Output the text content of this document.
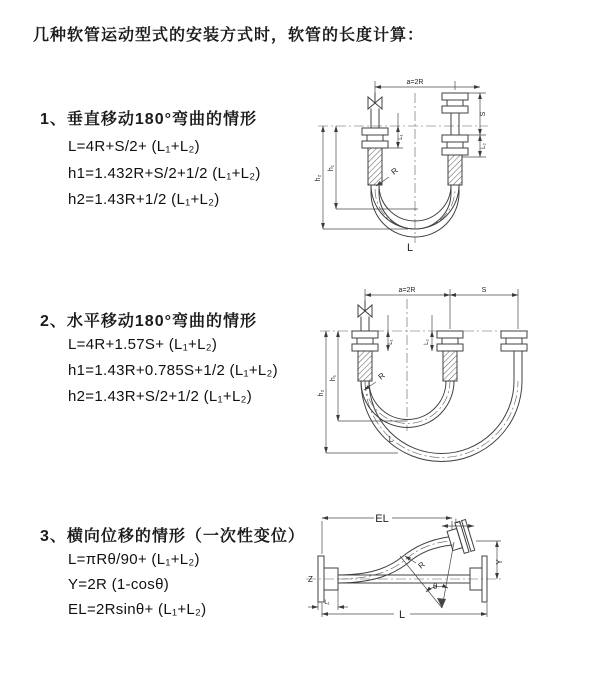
几种软管运动型式的安装方式时，软管的长度计算：
1、垂直移动180°弯曲的情形
L=4R+S/2+ (L₁+L₂)
h1=1.432R+S/2+1/2 (L₁+L₂)
h2=1.43R+1/2 (L₁+L₂)
2、水平移动180°弯曲的情形
L=4R+1.57S+ (L₁+L₂)
h1=1.43R+0.785S+1/2 (L₁+L₂)
h2=1.43R+S/2+1/2 (L₁+L₂)
3、横向位移的情形（一次性变位）
L=πRθ/90+ (L₁+L₂)
Y=2R (1-cosθ)
EL=2Rsinθ+ (L₁+L₂)
a=2R
S
L₂
h₂
h₁
L₁
R
L
a=2R	S
h₂
h₁
L₁	L₂
R
L
EL	L₂
Y
L
L₁
R
θ
Z
